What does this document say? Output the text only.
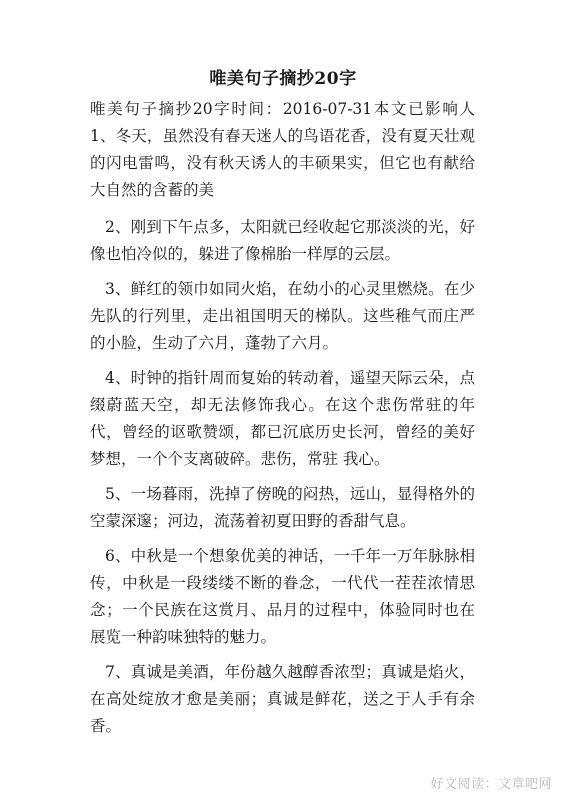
唯美句子摘抄20字

唯美句子摘抄20字时间：2016-07-31本文已影响人 1、冬天，虽然没有春天迷人的鸟语花香，没有夏天壮观的闪电雷鸣，没有秋天诱人的丰硕果实，但它也有献给大自然的含蓄的美

2、刚到下午点多，太阳就已经收起它那淡淡的光，好像也怕冷似的，躲进了像棉胎一样厚的云层。

3、鲜红的领巾如同火焰，在幼小的心灵里燃烧。在少先队的行列里，走出祖国明天的梯队。这些稚气而庄严的小脸，生动了六月，蓬勃了六月。

4、时钟的指针周而复始的转动着，遥望天际云朵，点缀蔚蓝天空，却无法修饰我心。在这个悲伤常驻的年代，曾经的讴歌赞颂，都已沉底历史长河，曾经的美好梦想，一个个支离破碎。悲伤，常驻 我心。

5、一场暮雨，洗掉了傍晚的闷热，远山，显得格外的空蒙深邃；河边，流荡着初夏田野的香甜气息。

6、中秋是一个想象优美的神话，一千年一万年脉脉相传，中秋是一段缕缕不断的眷念，一代代一茬茬浓情思念；一个民族在这赏月、品月的过程中，体验同时也在展览一种韵味独特的魅力。

7、真诚是美酒，年份越久越醇香浓型；真诚是焰火，在高处绽放才愈是美丽；真诚是鲜花，送之于人手有余香。

好文阅读：文章吧网
